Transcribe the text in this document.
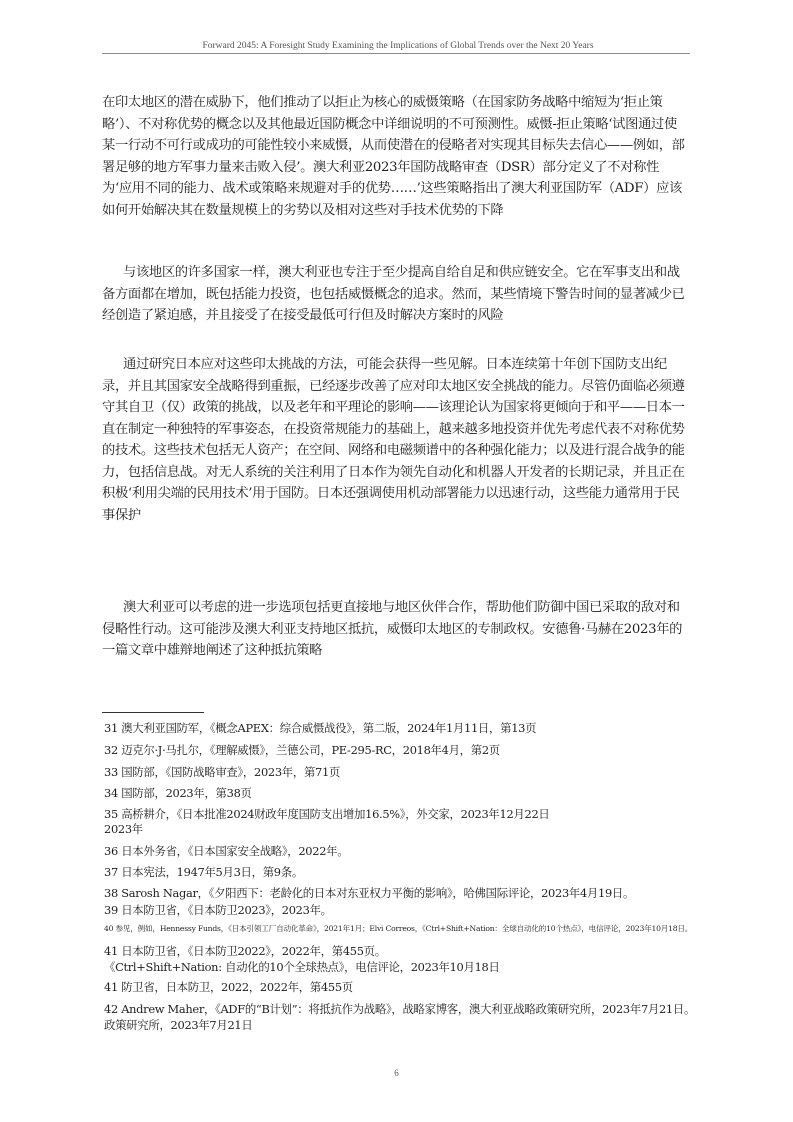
Forward 2045: A Foresight Study Examining the Implications of Global Trends over the Next 20 Years

在印太地区的潜在威胁下，他们推动了以拒止为核心的威慑策略（在国家防务战略中缩短为‘拒止策略’）、不对称优势的概念以及其他最近国防概念中详细说明的不可预测性。威慑-拒止策略‘试图通过使某一行动不可行或成功的可能性较小来威慑，从而使潜在的侵略者对实现其目标失去信心——例如，部署足够的地方军事力量来击败入侵’。澳大利亚2023年国防战略审查（DSR）部分定义了不对称性为‘应用不同的能力、战术或策略来规避对手的优势……’这些策略指出了澳大利亚国防军（ADF）应该如何开始解决其在数量规模上的劣势以及相对这些对手技术优势的下降

与该地区的许多国家一样，澳大利亚也专注于至少提高自给自足和供应链安全。它在军事支出和战备方面都在增加，既包括能力投资，也包括威慑概念的追求。然而，某些情境下警告时间的显著减少已经创造了紧迫感，并且接受了在接受最低可行但及时解决方案时的风险

通过研究日本应对这些印太挑战的方法，可能会获得一些见解。日本连续第十年创下国防支出纪录，并且其国家安全战略得到重振，已经逐步改善了应对印太地区安全挑战的能力。尽管仍面临必须遵守其自卫（仅）政策的挑战，以及老年和平理论的影响——该理论认为国家将更倾向于和平——日本一直在制定一种独特的军事姿态，在投资常规能力的基础上，越来越多地投资并优先考虑代表不对称优势的技术。这些技术包括无人资产；在空间、网络和电磁频谱中的各种强化能力；以及进行混合战争的能力，包括信息战。对无人系统的关注利用了日本作为领先自动化和机器人开发者的长期记录，并且正在积极‘利用尖端的民用技术’用于国防。日本还强调使用机动部署能力以迅速行动，这些能力通常用于民事保护

澳大利亚可以考虑的进一步选项包括更直接地与地区伙伴合作，帮助他们防御中国已采取的敌对和侵略性行动。这可能涉及澳大利亚支持地区抵抗，威慑印太地区的专制政权。安德鲁·马赫在2023年的一篇文章中雄辩地阐述了这种抵抗策略

31 澳大利亚国防军，《概念APEX：综合威慑战役》，第二版，2024年1月11日，第13页
32 迈克尔·J·马扎尔，《理解威慑》，兰德公司，PE-295-RC，2018年4月，第2页
33 国防部，《国防战略审查》，2023年，第71页
34 国防部，2023年，第38页
35 高桥耕介，《日本批准2024财政年度国防支出增加16.5%》，外交家，2023年12月22日
2023年
36 日本外务省，《日本国家安全战略》，2022年。
37 日本宪法，1947年5月3日，第9条。
38 Sarosh Nagar，《夕阳西下：老龄化的日本对东亚权力平衡的影响》，哈佛国际评论，2023年4月19日。
39 日本防卫省，《日本防卫2023》，2023年。
40 参见，例如，Hennessy Funds，《日本引领工厂自动化革命》，2021年1月；Elvi Correos，《Ctrl+Shift+Nation：全球自动化的10个热点》，电信评论，2023年10月18日。
41 日本防卫省，《日本防卫2022》，2022年，第455页。
《Ctrl+Shift+Nation: 自动化的10个全球热点》，电信评论，2023年10月18日
41 防卫省，日本防卫，2022，2022年，第455页
42 Andrew Maher，《ADF的“B计划”：将抵抗作为战略》，战略家博客，澳大利亚战略政策研究所，2023年7月21日。
政策研究所，2023年7月21日
6
